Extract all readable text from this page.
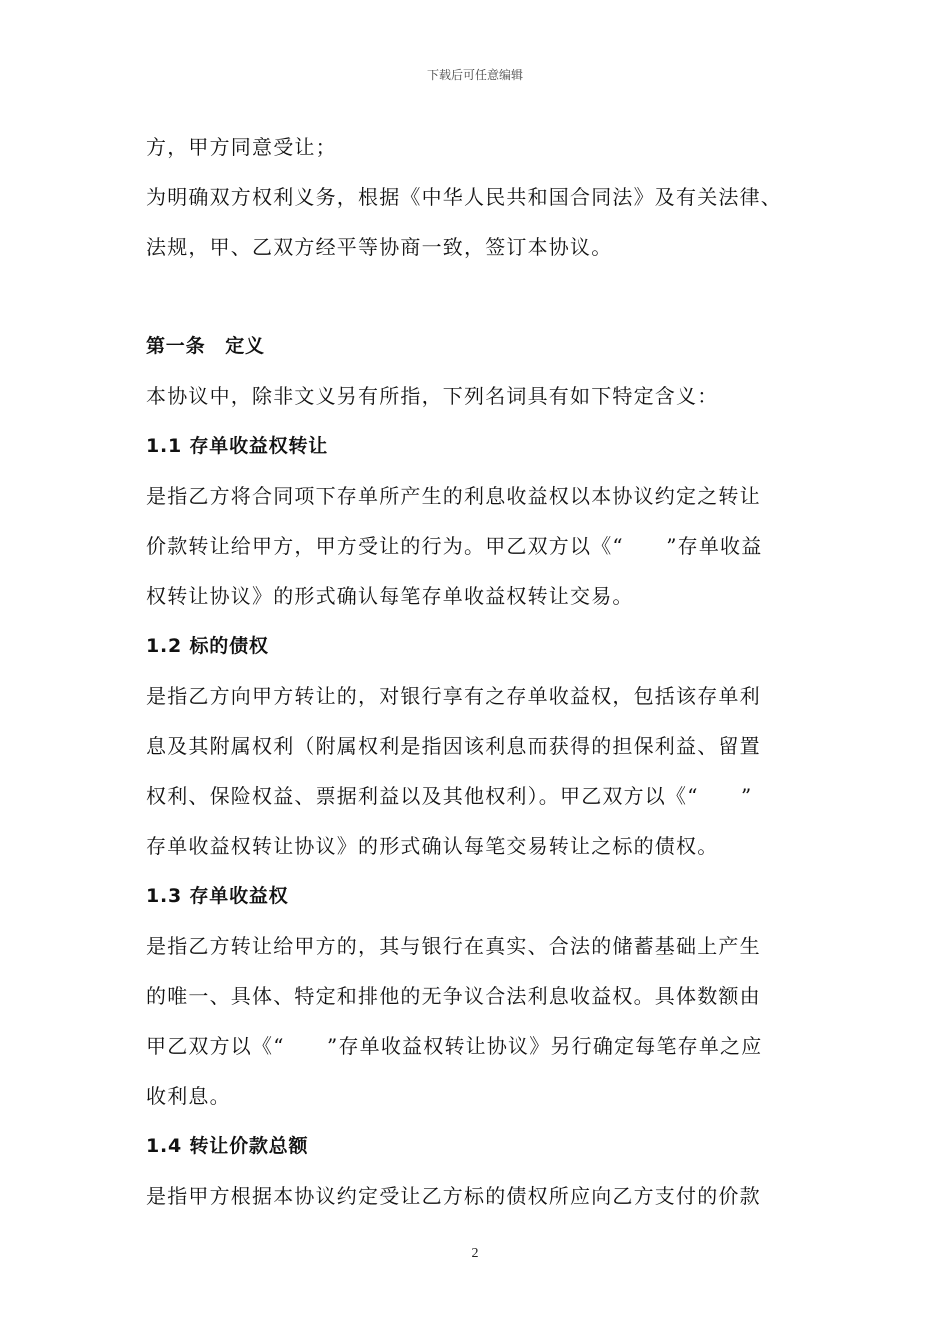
下载后可任意编辑
方，甲方同意受让；
为明确双方权利义务，根据《中华人民共和国合同法》及有关法律、
法规，甲、乙双方经平等协商一致，签订本协议。
第一条　定义
本协议中，除非文义另有所指，下列名词具有如下特定含义：
1.1 存单收益权转让
是指乙方将合同项下存单所产生的利息收益权以本协议约定之转让
价款转让给甲方，甲方受让的行为。甲乙双方以《“　　”存单收益
权转让协议》的形式确认每笔存单收益权转让交易。
1.2 标的债权
是指乙方向甲方转让的，对银行享有之存单收益权，包括该存单利
息及其附属权利（附属权利是指因该利息而获得的担保利益、留置
权利、保险权益、票据利益以及其他权利）。甲乙双方以《“　　”
存单收益权转让协议》的形式确认每笔交易转让之标的债权。
1.3 存单收益权
是指乙方转让给甲方的，其与银行在真实、合法的储蓄基础上产生
的唯一、具体、特定和排他的无争议合法利息收益权。具体数额由
甲乙双方以《“　　”存单收益权转让协议》另行确定每笔存单之应
收利息。
1.4 转让价款总额
是指甲方根据本协议约定受让乙方标的债权所应向乙方支付的价款
2
